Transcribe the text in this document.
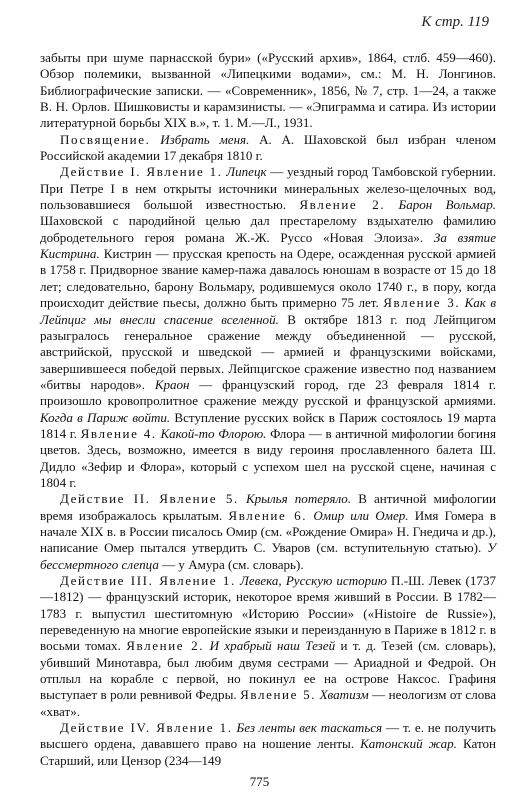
К стр. 119

забыты при шуме парнасской бури» («Русский архив», 1864, стлб. 459—460). Обзор полемики, вызванной «Липецкими водами», см.: М. Н. Лонгинов. Библиографические записки. — «Современник», 1856, № 7, стр. 1—24, а также В. Н. Орлов. Шишковисты и карамзинисты. — «Эпиграмма и сатира. Из истории литературной борьбы XIX в.», т. 1. М.—Л., 1931.

Посвящение. Избрать меня. А. А. Шаховской был избран членом Российской академии 17 декабря 1810 г.

Действие I. Явление 1. Липецк — уездный город Тамбовской губернии. При Петре I в нем открыты источники минеральных железо-щелочных вод, пользовавшиеся большой известностью. Явление 2. Барон Вольмар. Шаховской с пародийной целью дал престарелому вздыхателю фамилию добродетельного героя романа Ж.-Ж. Руссо «Новая Элоиза». За взятие Кистрина. Кистрин — прусская крепость на Одере, осажденная русской армией в 1758 г. Придворное звание камер-пажа давалось юношам в возрасте от 15 до 18 лет; следовательно, барону Вольмару, родившемуся около 1740 г., в пору, когда происходит действие пьесы, должно быть примерно 75 лет. Явление 3. Как в Лейпциг мы внесли спасение вселенной. В октябре 1813 г. под Лейпцигом разыгралось генеральное сражение между объединенной — русской, австрийской, прусской и шведской — армией и французскими войсками, завершившееся победой первых. Лейпцигское сражение известно под названием «битвы народов». Краон — французский город, где 23 февраля 1814 г. произошло кровопролитное сражение между русской и французской армиями. Когда в Париж войти. Вступление русских войск в Париж состоялось 19 марта 1814 г. Явление 4. Какой-то Флорою. Флора — в античной мифологии богиня цветов. Здесь, возможно, имеется в виду героиня прославленного балета Ш. Дидло «Зефир и Флора», который с успехом шел на русской сцене, начиная с 1804 г.

Действие II. Явление 5. Крылья потеряло. В античной мифологии время изображалось крылатым. Явление 6. Омир или Омер. Имя Гомера в начале XIX в. в России писалось Омир (см. «Рождение Омира» Н. Гнедича и др.), написание Омер пытался утвердить С. Уваров (см. вступительную статью). У бессмертного слепца — у Амура (см. словарь).

Действие III. Явление 1. Левека, Русскую историю П.-Ш. Левек (1737—1812) — французский историк, некоторое время живший в России. В 1782—1783 г. выпустил шеститомную «Историю России» («Histoire de Russie»), переведенную на многие европейские языки и переизданную в Париже в 1812 г. в восьми томах. Явление 2. И храбрый наш Тезей и т. д. Тезей (см. словарь), убивший Минотавра, был любим двумя сестрами — Ариадной и Федрой. Он отплыл на корабле с первой, но покинул ее на острове Наксос. Графиня выступает в роли ревнивой Федры. Явление 5. Хватизм — неологизм от слова «хват».

Действие IV. Явление 1. Без ленты век таскаться — т. е. не получить высшего ордена, дававшего право на ношение ленты. Катонский жар. Катон Старший, или Цензор (234—149

775
